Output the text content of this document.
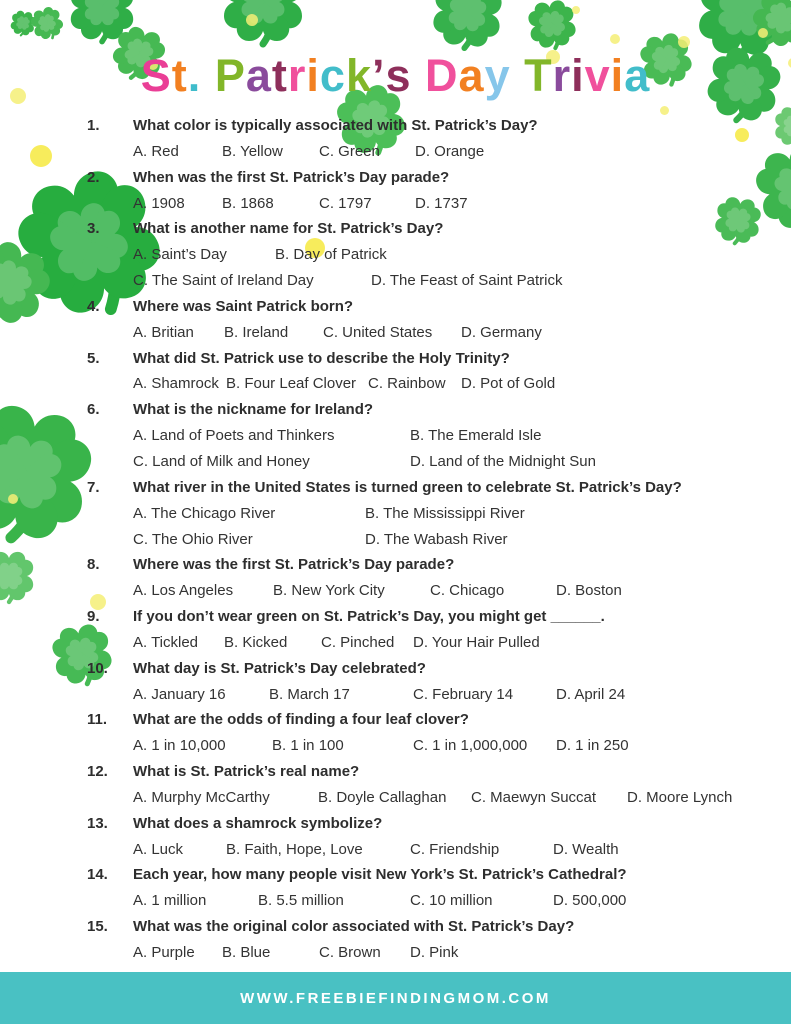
St. Patrick’s Day Trivia
1. What color is typically associated with St. Patrick’s Day?
A. Red	B. Yellow C. Green D. Orange
2. When was the first St. Patrick’s Day parade?
A. 1908 B. 1868	C. 1797	D. 1737
3. What is another name for St. Patrick’s Day?
A. Saint’s Day	B. Day of Patrick
C. The Saint of Ireland Day	D. The Feast of Saint Patrick
4. Where was Saint Patrick born?
A. Britian B. Ireland C. United States D. Germany
5. What did St. Patrick use to describe the Holy Trinity?
A. Shamrock B. Four Leaf Clover C. Rainbow D. Pot of Gold
6. What is the nickname for Ireland?
A. Land of Poets and Thinkers	B. The Emerald Isle
C. Land of Milk and Honey	D. Land of the Midnight Sun
7. What river in the United States is turned green to celebrate St. Patrick’s Day?
A. The Chicago River	B. The Mississippi River
C. The Ohio River	D. The Wabash River
8. Where was the first St. Patrick’s Day parade?
A. Los Angeles	B. New York City	C. Chicago	D. Boston
9. If you don’t wear green on St. Patrick’s Day, you might get ______.
A. Tickled B. Kicked C. Pinched D. Your Hair Pulled
10. What day is St. Patrick’s Day celebrated?
A. January 16	B. March 17	C. February 14	D. April 24
11. What are the odds of finding a four leaf clover?
A. 1 in 10,000	B. 1 in 100	C. 1 in 1,000,000 D. 1 in 250
12. What is St. Patrick’s real name?
A. Murphy McCarthy	B. Doyle Callaghan C. Maewyn Succat D. Moore Lynch
13. What does a shamrock symbolize?
A. Luck	B. Faith, Hope, Love	C. Friendship	D. Wealth
14. Each year, how many people visit New York’s St. Patrick’s Cathedral?
A. 1 million	B. 5.5 million	C. 10 million	D. 500,000
15. What was the original color associated with St. Patrick’s Day?
A. Purple B. Blue	C. Brown D. Pink
WWW.FREEBIEFINDINGMOM.COM
